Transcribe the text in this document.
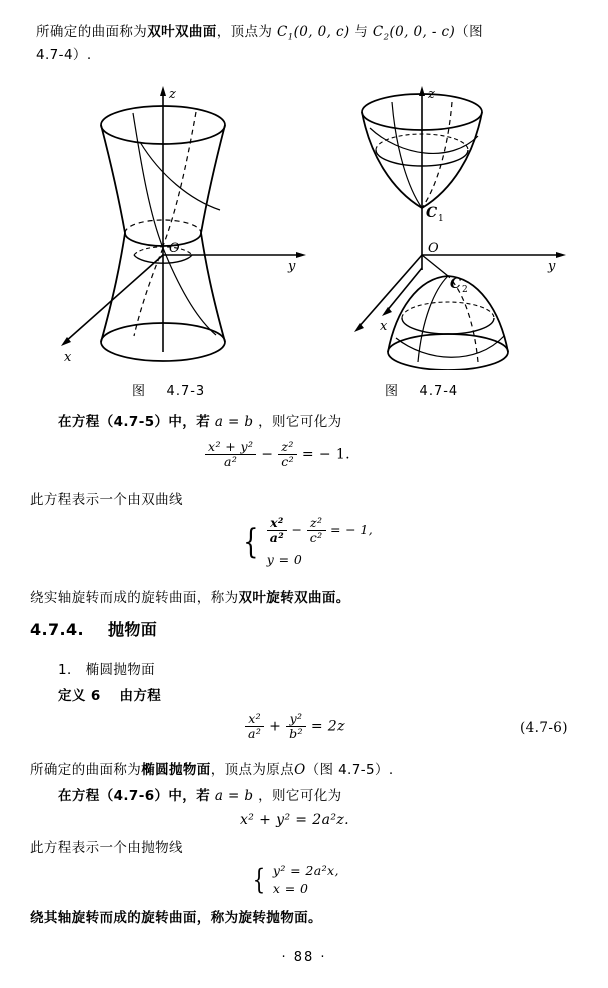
所确定的曲面称为双叶双曲面，顶点为 $C_1(0$, 0, c) 与 $C_2(0$, 0, - c)（图
4.7-4）.
z
y
x
O
z
y
x
O
C 1
C 2
图 4.7-3	图 4.7-4
在方程（4.7-5）中，若 a = b ，则它可化为
$\frac{\text{x² + y²}}{\text{a²}} - \frac{\text{z²}}{\text{c²}}$ = − 1.
此方程表示一个由双曲线
{ $\frac{\text{x²}}{\text{a²}} - \frac{\text{z²}}{\text{c²}}$ = − 1,
y = 0
绕实轴旋转而成的旋转曲面，称为双叶旋转双曲面。
4.7.4. 抛物面
1． 椭圆抛物面
定义 6 由方程
$\frac{\text{x²}}{\text{a²}} + \frac{\text{y²}}{\text{b²}} = 2z$	(4.7-6)
所确定的曲面称为椭圆抛物面，顶点为原点O（图 4.7-5）.
在方程（4.7-6）中，若 a = b ，则它可化为
x² + y² = 2a²z.
此方程表示一个由抛物线
{ y² = 2a²x,
x = 0
绕其轴旋转而成的旋转曲面，称为旋转抛物面。
· 88 ·
